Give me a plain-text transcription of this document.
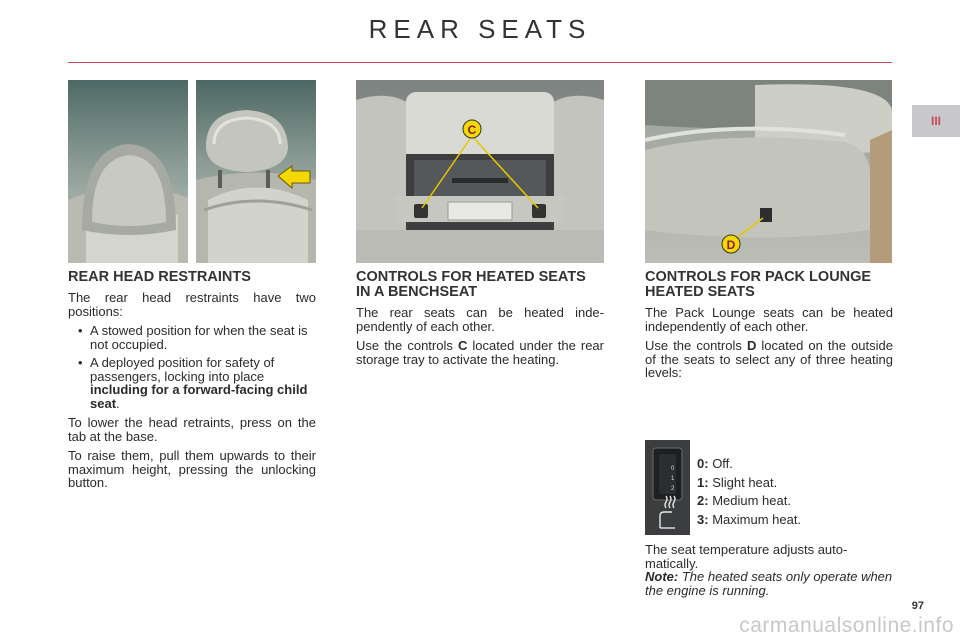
REAR SEATS
III
C
D
REAR HEAD RESTRAINTS

The rear head restraints have two positions:

• A stowed position for when the seat is not occupied.
• A deployed position for safety of passengers, locking into place including for a forward-facing child seat.

To lower the head retraints, press on the tab at the base.

To raise them, pull them upwards to their maximum height, pressing the unlocking button.

CONTROLS FOR HEATED SEATS IN A BENCHSEAT

The rear seats can be heated inde-pendently of each other.

Use the controls C located under the rear storage tray to activate the heating.

CONTROLS FOR PACK LOUNGE HEATED SEATS

The Pack Lounge seats can be heated independently of each other.

Use the controls D located on the outside of the seats to select any of three heating levels:

0
1
2
0: Off.
1: Slight heat.
2: Medium heat.
3: Maximum heat.

The seat temperature adjusts auto-matically.

Note: The heated seats only operate when the engine is running.

97
carmanualsonline.info
